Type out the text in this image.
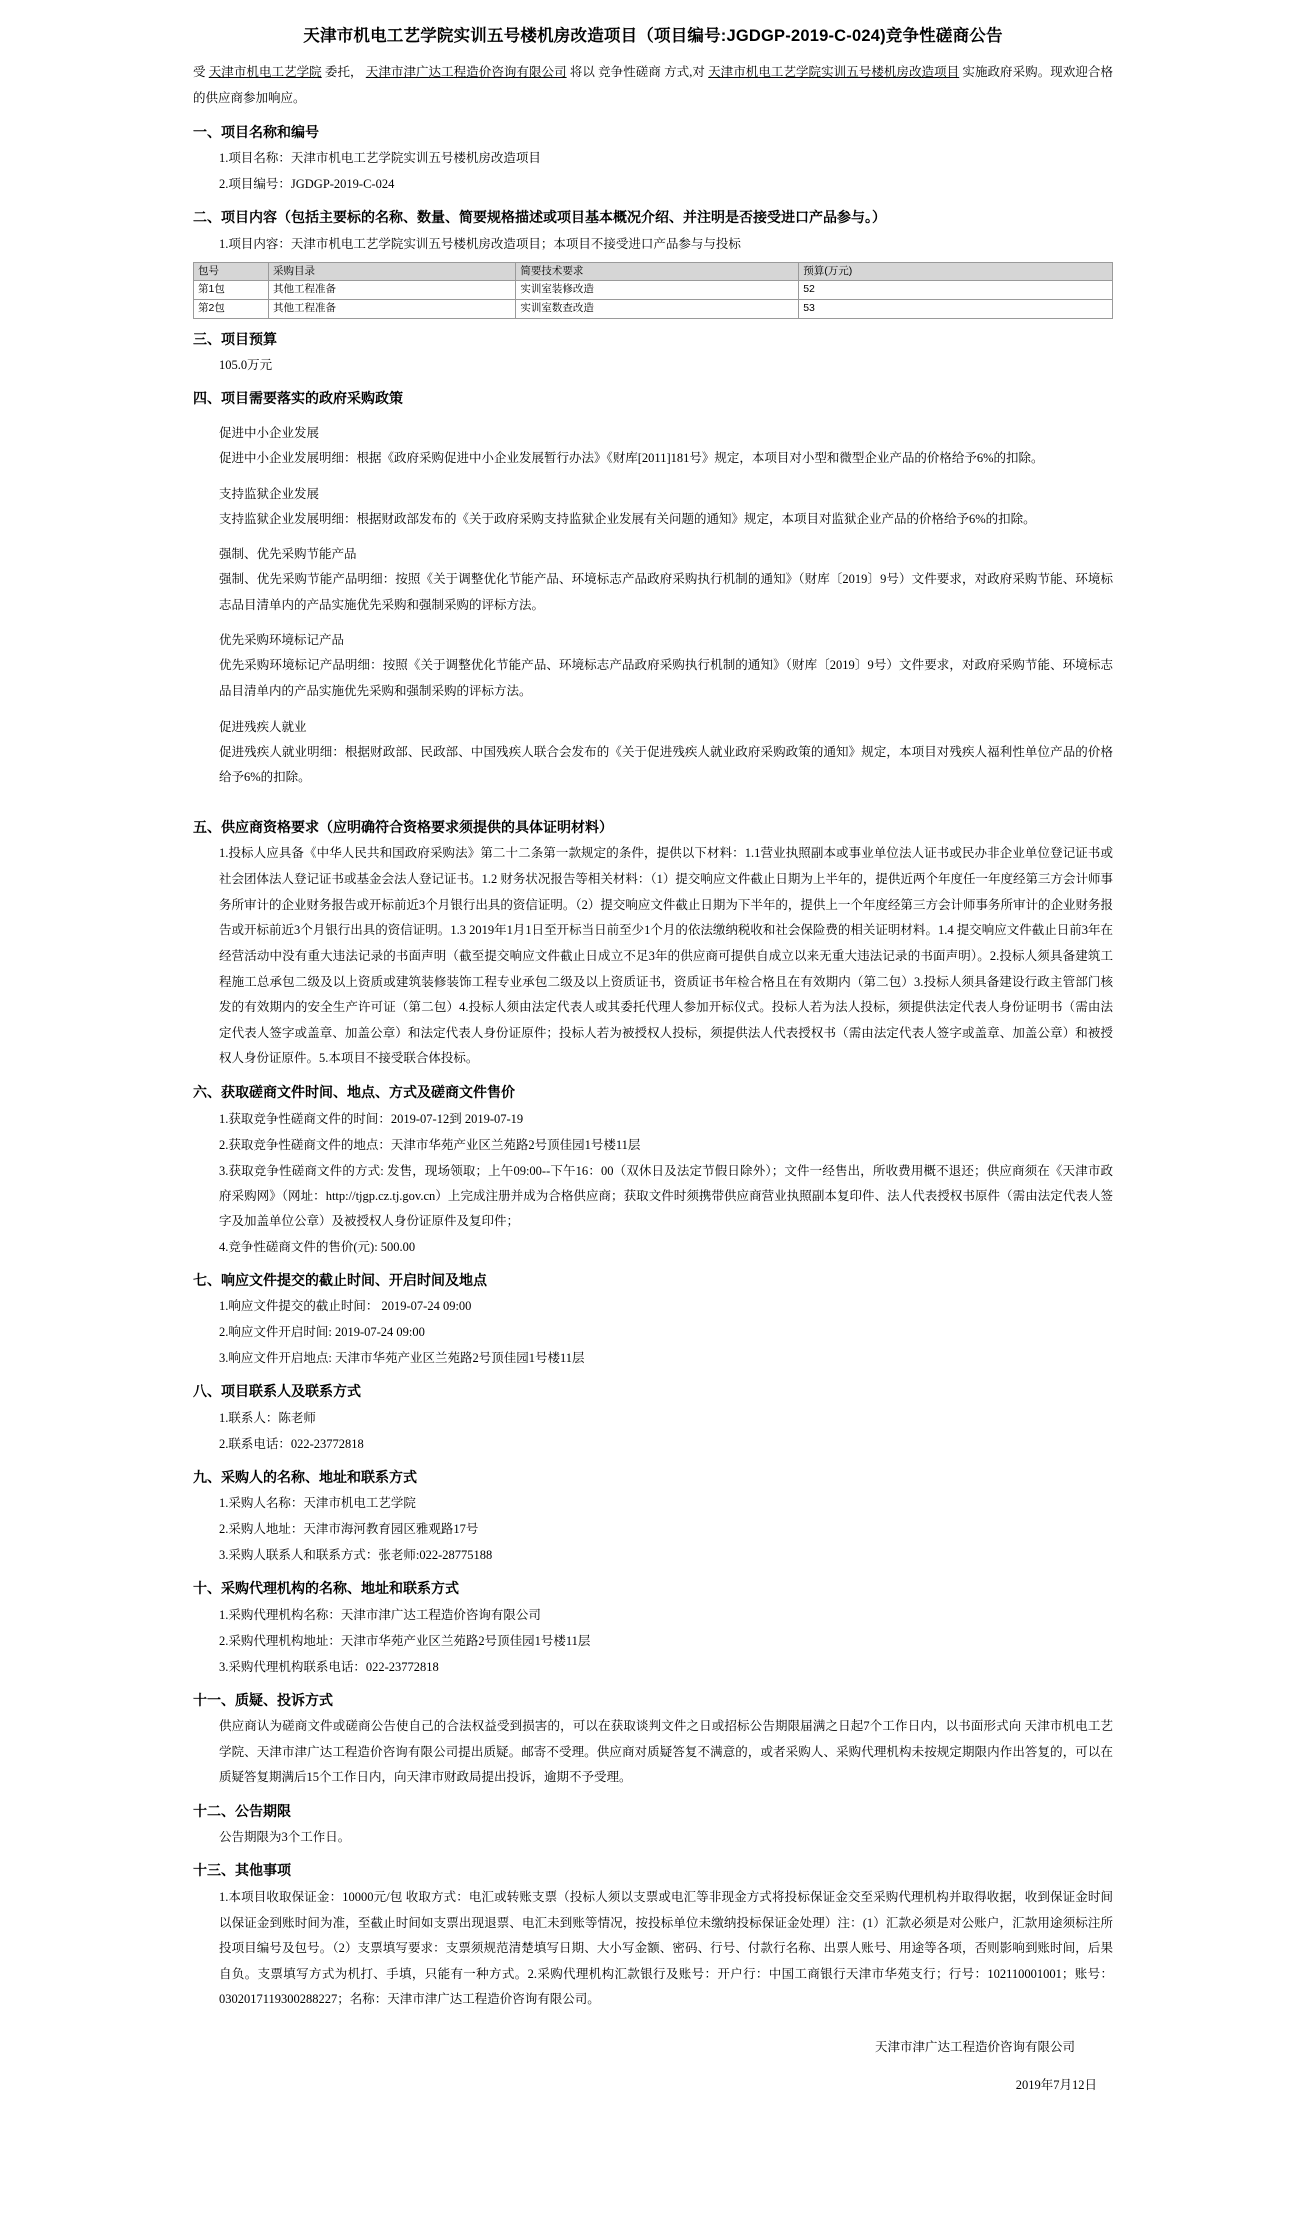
天津市机电工艺学院实训五号楼机房改造项目（项目编号:JGDGP-2019-C-024)竞争性磋商公告

受 天津市机电工艺学院 委托， 天津市津广达工程造价咨询有限公司 将以 竞争性磋商 方式,对 天津市机电工艺学院实训五号楼机房改造项目 实施政府采购。现欢迎合格的供应商参加响应。

一、项目名称和编号

1.项目名称：天津市机电工艺学院实训五号楼机房改造项目

2.项目编号：JGDGP-2019-C-024

二、项目内容（包括主要标的名称、数量、简要规格描述或项目基本概况介绍、并注明是否接受进口产品参与。）

1.项目内容：天津市机电工艺学院实训五号楼机房改造项目；本项目不接受进口产品参与与投标

包号	采购目录	简要技术要求	预算(万元)
第1包	其他工程准备	实训室装修改造	52
第2包	其他工程准备	实训室数查改造	53
三、项目预算

105.0万元

四、项目需要落实的政府采购政策

促进中小企业发展

促进中小企业发展明细：根据《政府采购促进中小企业发展暂行办法》《财库[2011]181号》规定，本项目对小型和微型企业产品的价格给予6%的扣除。

支持监狱企业发展

支持监狱企业发展明细：根据财政部发布的《关于政府采购支持监狱企业发展有关问题的通知》规定，本项目对监狱企业产品的价格给予6%的扣除。

强制、优先采购节能产品

强制、优先采购节能产品明细：按照《关于调整优化节能产品、环境标志产品政府采购执行机制的通知》（财库〔2019〕9号）文件要求，对政府采购节能、环境标志品目清单内的产品实施优先采购和强制采购的评标方法。

优先采购环境标记产品

优先采购环境标记产品明细：按照《关于调整优化节能产品、环境标志产品政府采购执行机制的通知》（财库〔2019〕9号）文件要求，对政府采购节能、环境标志品目清单内的产品实施优先采购和强制采购的评标方法。

促进残疾人就业

促进残疾人就业明细：根据财政部、民政部、中国残疾人联合会发布的《关于促进残疾人就业政府采购政策的通知》规定，本项目对残疾人福利性单位产品的价格给予6%的扣除。

五、供应商资格要求（应明确符合资格要求须提供的具体证明材料）

1.投标人应具备《中华人民共和国政府采购法》第二十二条第一款规定的条件，提供以下材料：1.1营业执照副本或事业单位法人证书或民办非企业单位登记证书或社会团体法人登记证书或基金会法人登记证书。1.2 财务状况报告等相关材料：（1）提交响应文件截止日期为上半年的，提供近两个年度任一年度经第三方会计师事务所审计的企业财务报告或开标前近3个月银行出具的资信证明。（2）提交响应文件截止日期为下半年的，提供上一个年度经第三方会计师事务所审计的企业财务报告或开标前近3个月银行出具的资信证明。1.3 2019年1月1日至开标当日前至少1个月的依法缴纳税收和社会保险费的相关证明材料。1.4 提交响应文件截止日前3年在经营活动中没有重大违法记录的书面声明（截至提交响应文件截止日成立不足3年的供应商可提供自成立以来无重大违法记录的书面声明）。2.投标人须具备建筑工程施工总承包二级及以上资质或建筑装修装饰工程专业承包二级及以上资质证书，资质证书年检合格且在有效期内（第二包）3.投标人须具备建设行政主管部门核发的有效期内的安全生产许可证（第二包）4.投标人须由法定代表人或其委托代理人参加开标仪式。投标人若为法人投标，须提供法定代表人身份证明书（需由法定代表人签字或盖章、加盖公章）和法定代表人身份证原件；投标人若为被授权人投标，须提供法人代表授权书（需由法定代表人签字或盖章、加盖公章）和被授权人身份证原件。5.本项目不接受联合体投标。

六、获取磋商文件时间、地点、方式及磋商文件售价

1.获取竞争性磋商文件的时间：2019-07-12到 2019-07-19

2.获取竞争性磋商文件的地点：天津市华苑产业区兰苑路2号顶佳园1号楼11层

3.获取竞争性磋商文件的方式: 发售，现场领取；上午09:00--下午16：00（双休日及法定节假日除外）；文件一经售出，所收费用概不退还；供应商须在《天津市政府采购网》（网址：http://tjgp.cz.tj.gov.cn）上完成注册并成为合格供应商；获取文件时须携带供应商营业执照副本复印件、法人代表授权书原件（需由法定代表人签字及加盖单位公章）及被授权人身份证原件及复印件；

4.竞争性磋商文件的售价(元): 500.00

七、响应文件提交的截止时间、开启时间及地点

1.响应文件提交的截止时间： 2019-07-24 09:00

2.响应文件开启时间: 2019-07-24 09:00

3.响应文件开启地点: 天津市华苑产业区兰苑路2号顶佳园1号楼11层

八、项目联系人及联系方式

1.联系人：陈老师

2.联系电话：022-23772818

九、采购人的名称、地址和联系方式

1.采购人名称：天津市机电工艺学院

2.采购人地址：天津市海河教育园区雅观路17号

3.采购人联系人和联系方式：张老师:022-28775188

十、采购代理机构的名称、地址和联系方式

1.采购代理机构名称：天津市津广达工程造价咨询有限公司

2.采购代理机构地址：天津市华苑产业区兰苑路2号顶佳园1号楼11层

3.采购代理机构联系电话：022-23772818

十一、质疑、投诉方式

供应商认为磋商文件或磋商公告使自己的合法权益受到损害的，可以在获取谈判文件之日或招标公告期限届满之日起7个工作日内，以书面形式向 天津市机电工艺学院、天津市津广达工程造价咨询有限公司提出质疑。邮寄不受理。供应商对质疑答复不满意的，或者采购人、采购代理机构未按规定期限内作出答复的，可以在质疑答复期满后15个工作日内，向天津市财政局提出投诉，逾期不予受理。

十二、公告期限

公告期限为3个工作日。

十三、其他事项

1.本项目收取保证金：10000元/包 收取方式：电汇或转账支票（投标人须以支票或电汇等非现金方式将投标保证金交至采购代理机构并取得收据，收到保证金时间以保证金到账时间为准，至截止时间如支票出现退票、电汇未到账等情况，按投标单位未缴纳投标保证金处理）注：(1）汇款必须是对公账户，汇款用途须标注所投项目编号及包号。（2）支票填写要求：支票须规范清楚填写日期、大小写金额、密码、行号、付款行名称、出票人账号、用途等各项，否则影响到账时间，后果自负。支票填写方式为机打、手填，只能有一种方式。2.采购代理机构汇款银行及账号：开户行：中国工商银行天津市华苑支行；行号：102110001001；账号：0302017119300288227；名称：天津市津广达工程造价咨询有限公司。

天津市津广达工程造价咨询有限公司

2019年7月12日
